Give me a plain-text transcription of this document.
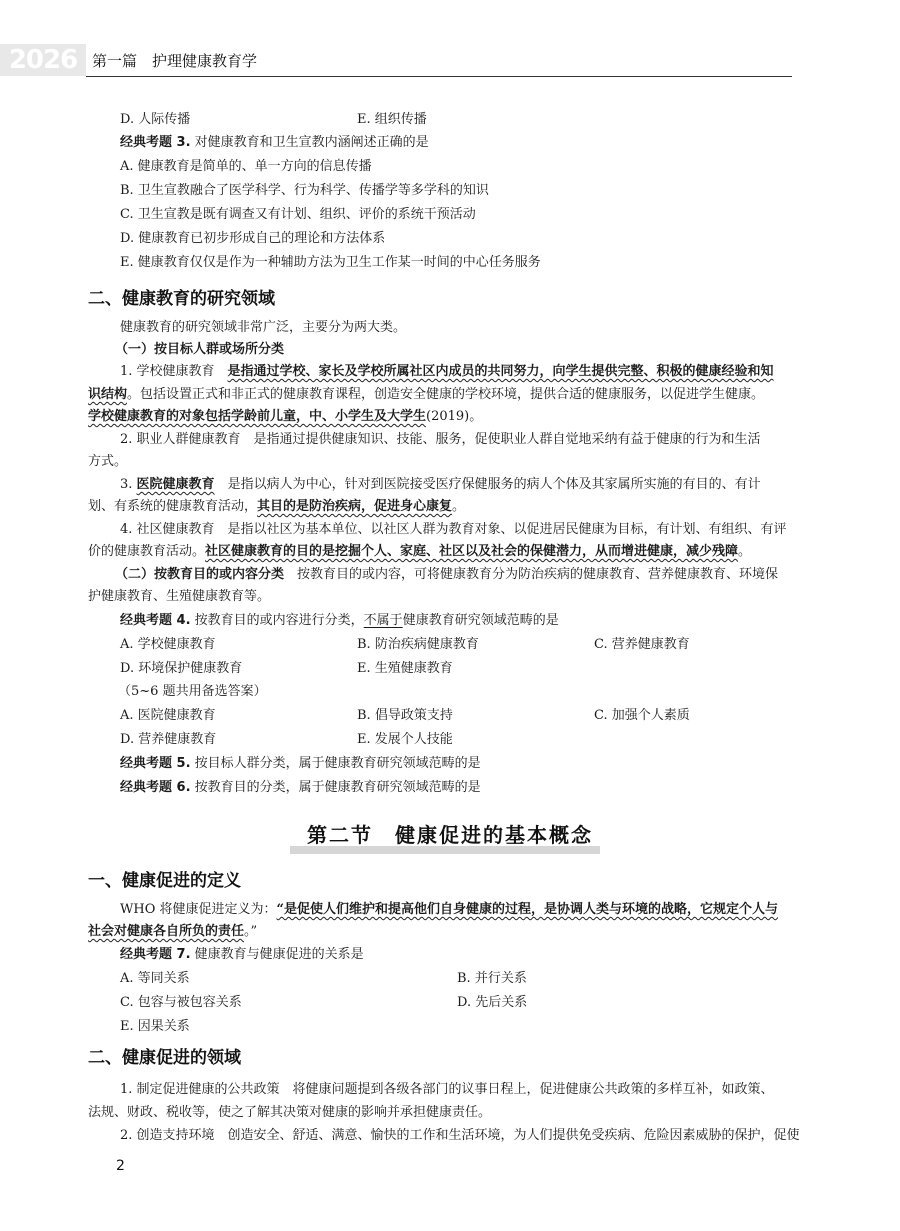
2026 第一篇　护理健康教育学
D. 人际传播	E. 组织传播
经典考题 3. 对健康教育和卫生宣教内涵阐述正确的是
A. 健康教育是简单的、单一方向的信息传播
B. 卫生宣教融合了医学科学、行为科学、传播学等多学科的知识
C. 卫生宣教是既有调查又有计划、组织、评价的系统干预活动
D. 健康教育已初步形成自己的理论和方法体系
E. 健康教育仅仅是作为一种辅助方法为卫生工作某一时间的中心任务服务
二、健康教育的研究领域
健康教育的研究领域非常广泛，主要分为两大类。
（一）按目标人群或场所分类
1. 学校健康教育　是指通过学校、家长及学校所属社区内成员的共同努力，向学生提供完整、积极的健康经验和知
识结构。包括设置正式和非正式的健康教育课程，创造安全健康的学校环境，提供合适的健康服务，以促进学生健康。
学校健康教育的对象包括学龄前儿童，中、小学生及大学生(2019)。
2. 职业人群健康教育　是指通过提供健康知识、技能、服务，促使职业人群自觉地采纳有益于健康的行为和生活
方式。
3. 医院健康教育　是指以病人为中心，针对到医院接受医疗保健服务的病人个体及其家属所实施的有目的、有计
划、有系统的健康教育活动，其目的是防治疾病，促进身心康复。
4. 社区健康教育　是指以社区为基本单位、以社区人群为教育对象、以促进居民健康为目标，有计划、有组织、有评
价的健康教育活动。社区健康教育的目的是挖掘个人、家庭、社区以及社会的保健潜力，从而增进健康，减少残障。
（二）按教育目的或内容分类　按教育目的或内容，可将健康教育分为防治疾病的健康教育、营养健康教育、环境保
护健康教育、生殖健康教育等。
经典考题 4. 按教育目的或内容进行分类，不属于健康教育研究领域范畴的是
A. 学校健康教育	B. 防治疾病健康教育	C. 营养健康教育
D. 环境保护健康教育	E. 生殖健康教育
（5~6 题共用备选答案）
A. 医院健康教育	B. 倡导政策支持	C. 加强个人素质
D. 营养健康教育	E. 发展个人技能
经典考题 5. 按目标人群分类，属于健康教育研究领域范畴的是
经典考题 6. 按教育目的分类，属于健康教育研究领域范畴的是
第二节　健康促进的基本概念
一、健康促进的定义
WHO 将健康促进定义为：“是促使人们维护和提高他们自身健康的过程，是协调人类与环境的战略，它规定个人与
社会对健康各自所负的责任。”
经典考题 7. 健康教育与健康促进的关系是
A. 等同关系	B. 并行关系
C. 包容与被包容关系	D. 先后关系
E. 因果关系
二、健康促进的领域
1. 制定促进健康的公共政策　将健康问题提到各级各部门的议事日程上，促进健康公共政策的多样互补，如政策、
法规、财政、税收等，使之了解其决策对健康的影响并承担健康责任。
2. 创造支持环境　创造安全、舒适、满意、愉快的工作和生活环境，为人们提供免受疾病、危险因素威胁的保护，促使
2
